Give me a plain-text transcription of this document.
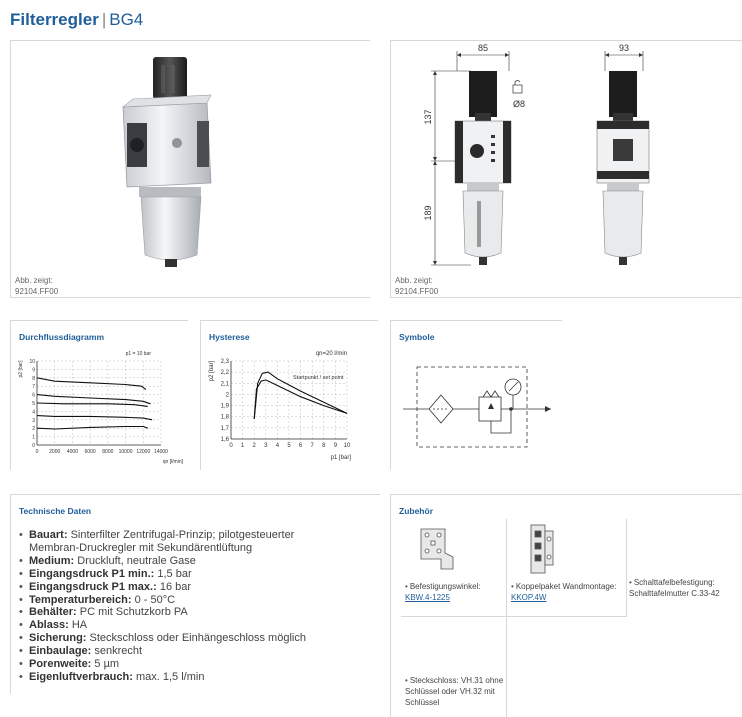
Filterregler | BG4
Abb. zeigt:
92104.FF00
85	93
137
189
Ø8
Abb. zeigt:
92104.FF00
Durchflussdiagramm
0 2000 4000 6000 8000 10000 12000 14000
0
1
2
3
4
5
6
7
8
9
10
p2 [bar]
qn [l/min]
p1 = 10 bar
Hysterese
0 1 2 3 4 5 6 7 8 9 10
1,6
1,7
1,8
1,9
2
2,1
2,2
2,3
p2 [bar]
p1 [bar]
qn=20 l/min
Startpunkt / set point
Symbole
Technische Daten
• Bauart: Sinterfilter Zentrifugal-Prinzip; pilotgesteuerter Membran-Druckregler mit Sekundärentlüftung
• Medium: Druckluft, neutrale Gase
• Eingangsdruck P1 min.: 1,5 bar
• Eingangsdruck P1 max.: 16 bar
• Temperaturbereich: 0 - 50°C
• Behälter: PC mit Schutzkorb PA
• Ablass: HA
• Sicherung: Steckschloss oder Einhängeschloss möglich
• Einbaulage: senkrecht
• Porenweite: 5 µm
• Eigenluftverbrauch: max. 1,5 l/min
Zubehör
• Befestigungswinkel:
KBW.4-1225
• Koppelpaket Wandmontage:
KKOP.4W
• Schalttafelbefestigung:
Schalttafelmutter C.33-42
• Steckschloss: VH.31 ohne
Schlüssel oder VH.32 mit
Schlüssel
